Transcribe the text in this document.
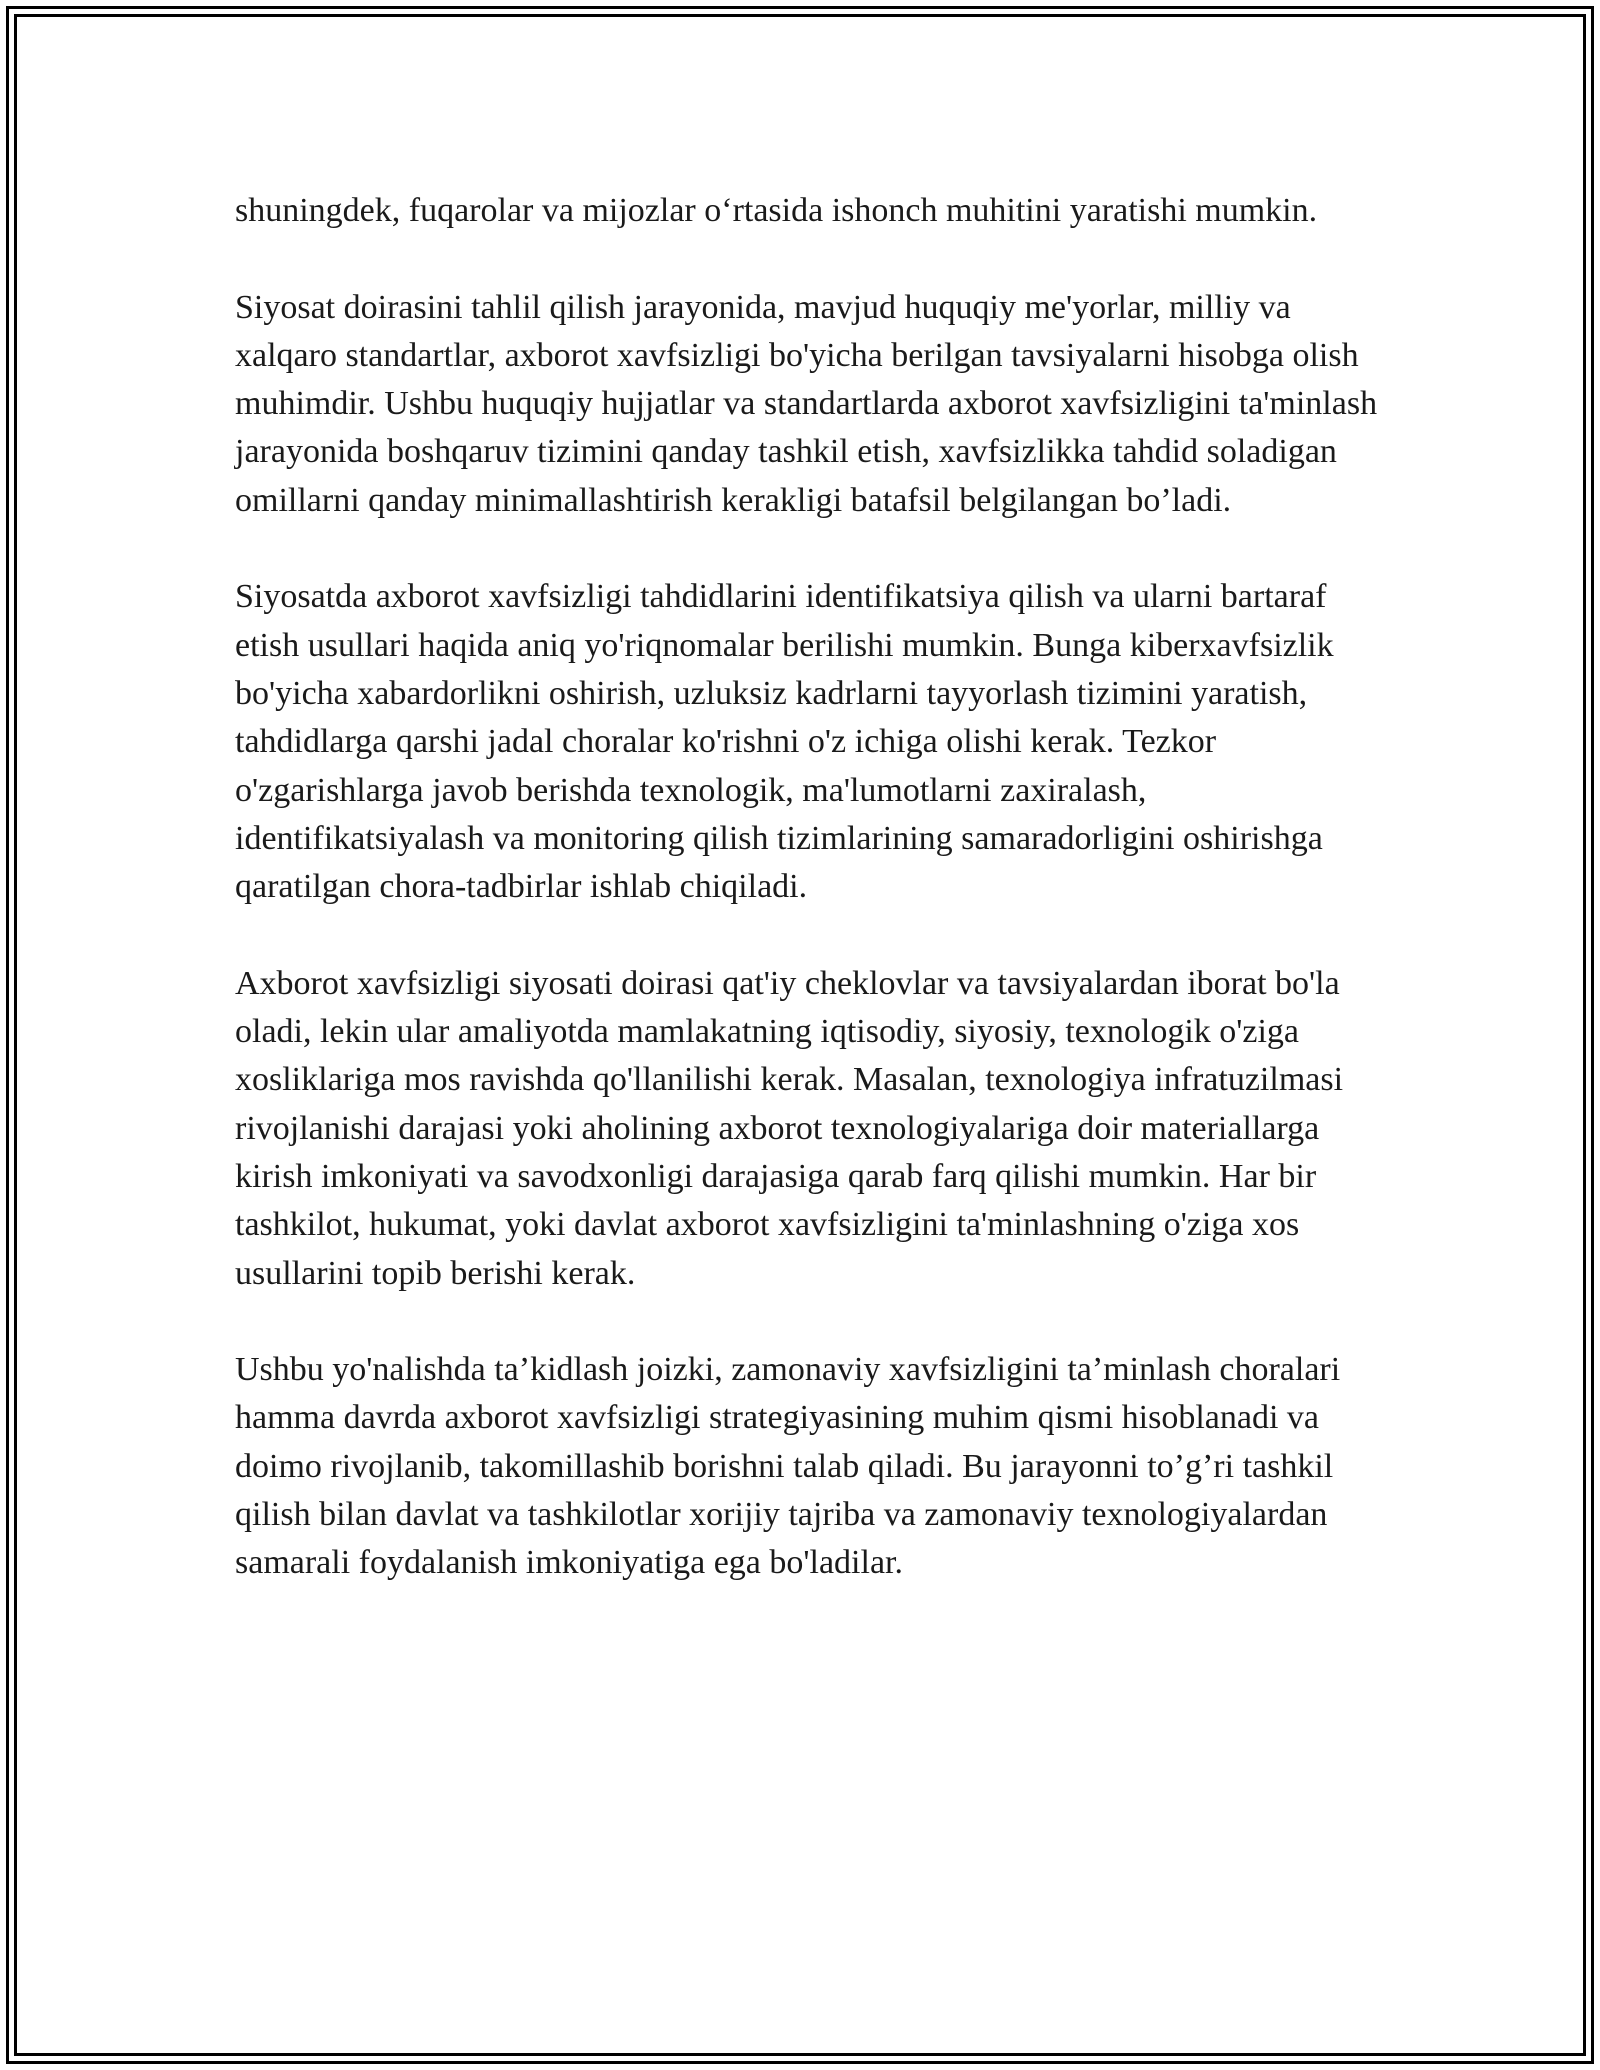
shuningdek, fuqarolar va mijozlar o‘rtasida ishonch muhitini yaratishi mumkin.

Siyosat doirasini tahlil qilish jarayonida, mavjud huquqiy me'yorlar, milliy va xalqaro standartlar, axborot xavfsizligi bo'yicha berilgan tavsiyalarni hisobga olish muhimdir. Ushbu huquqiy hujjatlar va standartlarda axborot xavfsizligini ta'minlash jarayonida boshqaruv tizimini qanday tashkil etish, xavfsizlikka tahdid soladigan omillarni qanday minimallashtirish kerakligi batafsil belgilangan bo’ladi.

Siyosatda axborot xavfsizligi tahdidlarini identifikatsiya qilish va ularni bartaraf etish usullari haqida aniq yo'riqnomalar berilishi mumkin. Bunga kiberxavfsizlik bo'yicha xabardorlikni oshirish, uzluksiz kadrlarni tayyorlash tizimini yaratish, tahdidlarga qarshi jadal choralar ko'rishni o'z ichiga olishi kerak. Tezkor o'zgarishlarga javob berishda texnologik, ma'lumotlarni zaxiralash, identifikatsiyalash va monitoring qilish tizimlarining samaradorligini oshirishga qaratilgan chora-tadbirlar ishlab chiqiladi.

Axborot xavfsizligi siyosati doirasi qat'iy cheklovlar va tavsiyalardan iborat bo'la oladi, lekin ular amaliyotda mamlakatning iqtisodiy, siyosiy, texnologik o'ziga xosliklariga mos ravishda qo'llanilishi kerak. Masalan, texnologiya infratuzilmasi rivojlanishi darajasi yoki aholining axborot texnologiyalariga doir materiallarga kirish imkoniyati va savodxonligi darajasiga qarab farq qilishi mumkin. Har bir tashkilot, hukumat, yoki davlat axborot xavfsizligini ta'minlashning o'ziga xos usullarini topib berishi kerak.

Ushbu yo'nalishda ta’kidlash joizki, zamonaviy xavfsizligini ta’minlash choralari hamma davrda axborot xavfsizligi strategiyasining muhim qismi hisoblanadi va doimo rivojlanib, takomillashib borishni talab qiladi. Bu jarayonni to’g’ri tashkil qilish bilan davlat va tashkilotlar xorijiy tajriba va zamonaviy texnologiyalardan samarali foydalanish imkoniyatiga ega bo'ladilar.
